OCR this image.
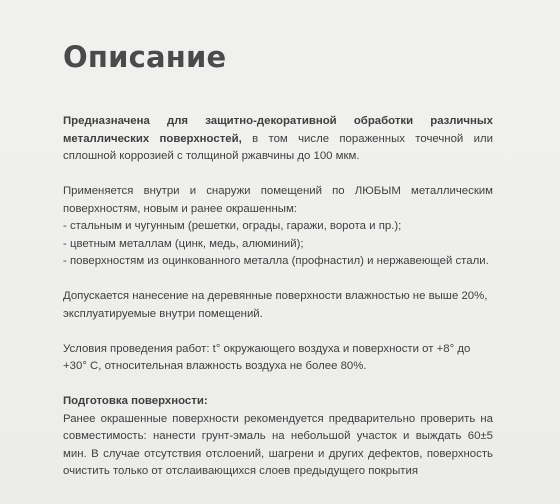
Описание

Предназначена для защитно-декоративной обработки различных металлических поверхностей, в том числе пораженных точечной или сплошной коррозией с толщиной ржавчины до 100 мкм.

Применяется внутри и снаружи помещений по ЛЮБЫМ металлическим поверхностям, новым и ранее окрашенным:
- стальным и чугунным (решетки, ограды, гаражи, ворота и пр.);
- цветным металлам (цинк, медь, алюминий);
- поверхностям из оцинкованного металла (профнастил) и нержавеющей стали.

Допускается нанесение на деревянные поверхности влажностью не выше 20%, эксплуатируемые внутри помещений.

Условия проведения работ: t° окружающего воздуха и поверхности от +8° до +30° С, относительная влажность воздуха не более 80%.

Подготовка поверхности:
Ранее окрашенные поверхности рекомендуется предварительно проверить на совместимость: нанести грунт-эмаль на небольшой участок и выждать 60±5 мин. В случае отсутствия отслоений, шагрени и других дефектов, поверхность очистить только от отслаивающихся слоев предыдущего покрытия
